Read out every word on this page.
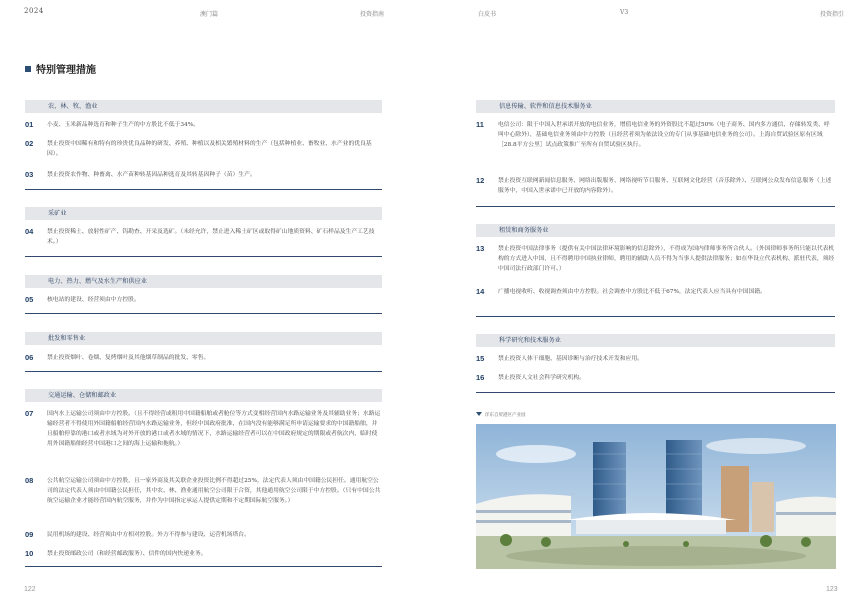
2024	澳门篇	投资指南
特别管理措施
农、林、牧、渔业
01 小麦、玉米新品种选育和种子生产的中方股比不低于34%。
02 禁止投资中国稀有和特有的珍贵优良品种的研发、养殖、种植以及相关繁殖材料的生产（包括种植业、畜牧业、水产业的优良基因）。
03 禁止投资农作物、种畜禽、水产苗种转基因品种选育及其转基因种子（苗）生产。
采矿业
04 禁止投资稀土、放射性矿产、钨勘查、开采及选矿。（未经允许，禁止进入稀土矿区或取得矿山地质资料、矿石样品及生产工艺技术。）
电力、热力、燃气及水生产和供应业
05 核电站的建设、经营须由中方控股。
批发和零售业
06 禁止投资烟叶、卷烟、复烤烟叶及其他烟草制品的批发、零售。
交通运输、仓储和邮政业
07 国内水上运输公司须由中方控股。（且不得经营或租用中国籍船舶或者舱位等方式变相经营国内水路运输业务及其辅助业务；水路运输经营者不得使用外国籍船舶经营国内水路运输业务，但经中国政府批准，在国内没有能够满足所申请运输要求的中国籍船舶，并且船舶停靠的港口或者水域为对外开放的港口或者水域的情况下，水路运输经营者可以在中国政府规定的期限或者航次内，临时使用外国籍船舶经营中国港口之间的海上运输和拖航。）
08 公共航空运输公司须由中方控股，且一家外商及其关联企业投资比例不得超过25%，法定代表人须由中国籍公民担任。通用航空公司的法定代表人须由中国籍公民担任，其中农、林、渔业通用航空公司限于合资，其他通用航空公司限于中方控股。（只有中国公共航空运输企业才能经营国内航空服务，并作为中国指定承运人提供定期和不定期国际航空服务。）
09 民用机场的建设、经营须由中方相对控股。外方不得参与建设、运营机场塔台。
10 禁止投资邮政公司（和经营邮政服务）、信件的国内快递业务。
122
白皮书	V3	投资指引
信息传输、软件和信息技术服务业
11 电信公司：限于中国入世承诺开放的电信业务，增值电信业务的外资股比不超过50%（电子商务、国内多方通信、存储转发类、呼叫中心除外），基础电信业务须由中方控股（且经营者须为依法设立的专门从事基础电信业务的公司）。上海自贸试验区原有区域［28.8平方公里］试点政策推广至所有自贸试验区执行。
12 禁止投资互联网新闻信息服务、网络出版服务、网络视听节目服务、互联网文化经营（音乐除外）、互联网公众发布信息服务（上述服务中，中国入世承诺中已开放的内容除外）。
租赁和商务服务业
13 禁止投资中国法律事务（提供有关中国法律环境影响的信息除外），不得成为国内律师事务所合伙人。（外国律师事务所只能以代表机构的方式进入中国，且不得聘用中国执业律师，聘用的辅助人员不得为当事人提供法律服务；如在华设立代表机构、派驻代表，须经中国司法行政部门许可。）
14 广播电视收听、收视调查须由中方控股。社会调查中方股比不低于67%，法定代表人应当具有中国国籍。
科学研究和技术服务业
15 禁止投资人体干细胞、基因诊断与治疗技术开发和应用。
16 禁止投资人文社会科学研究机构。
洋东自贸港区产业园
123
